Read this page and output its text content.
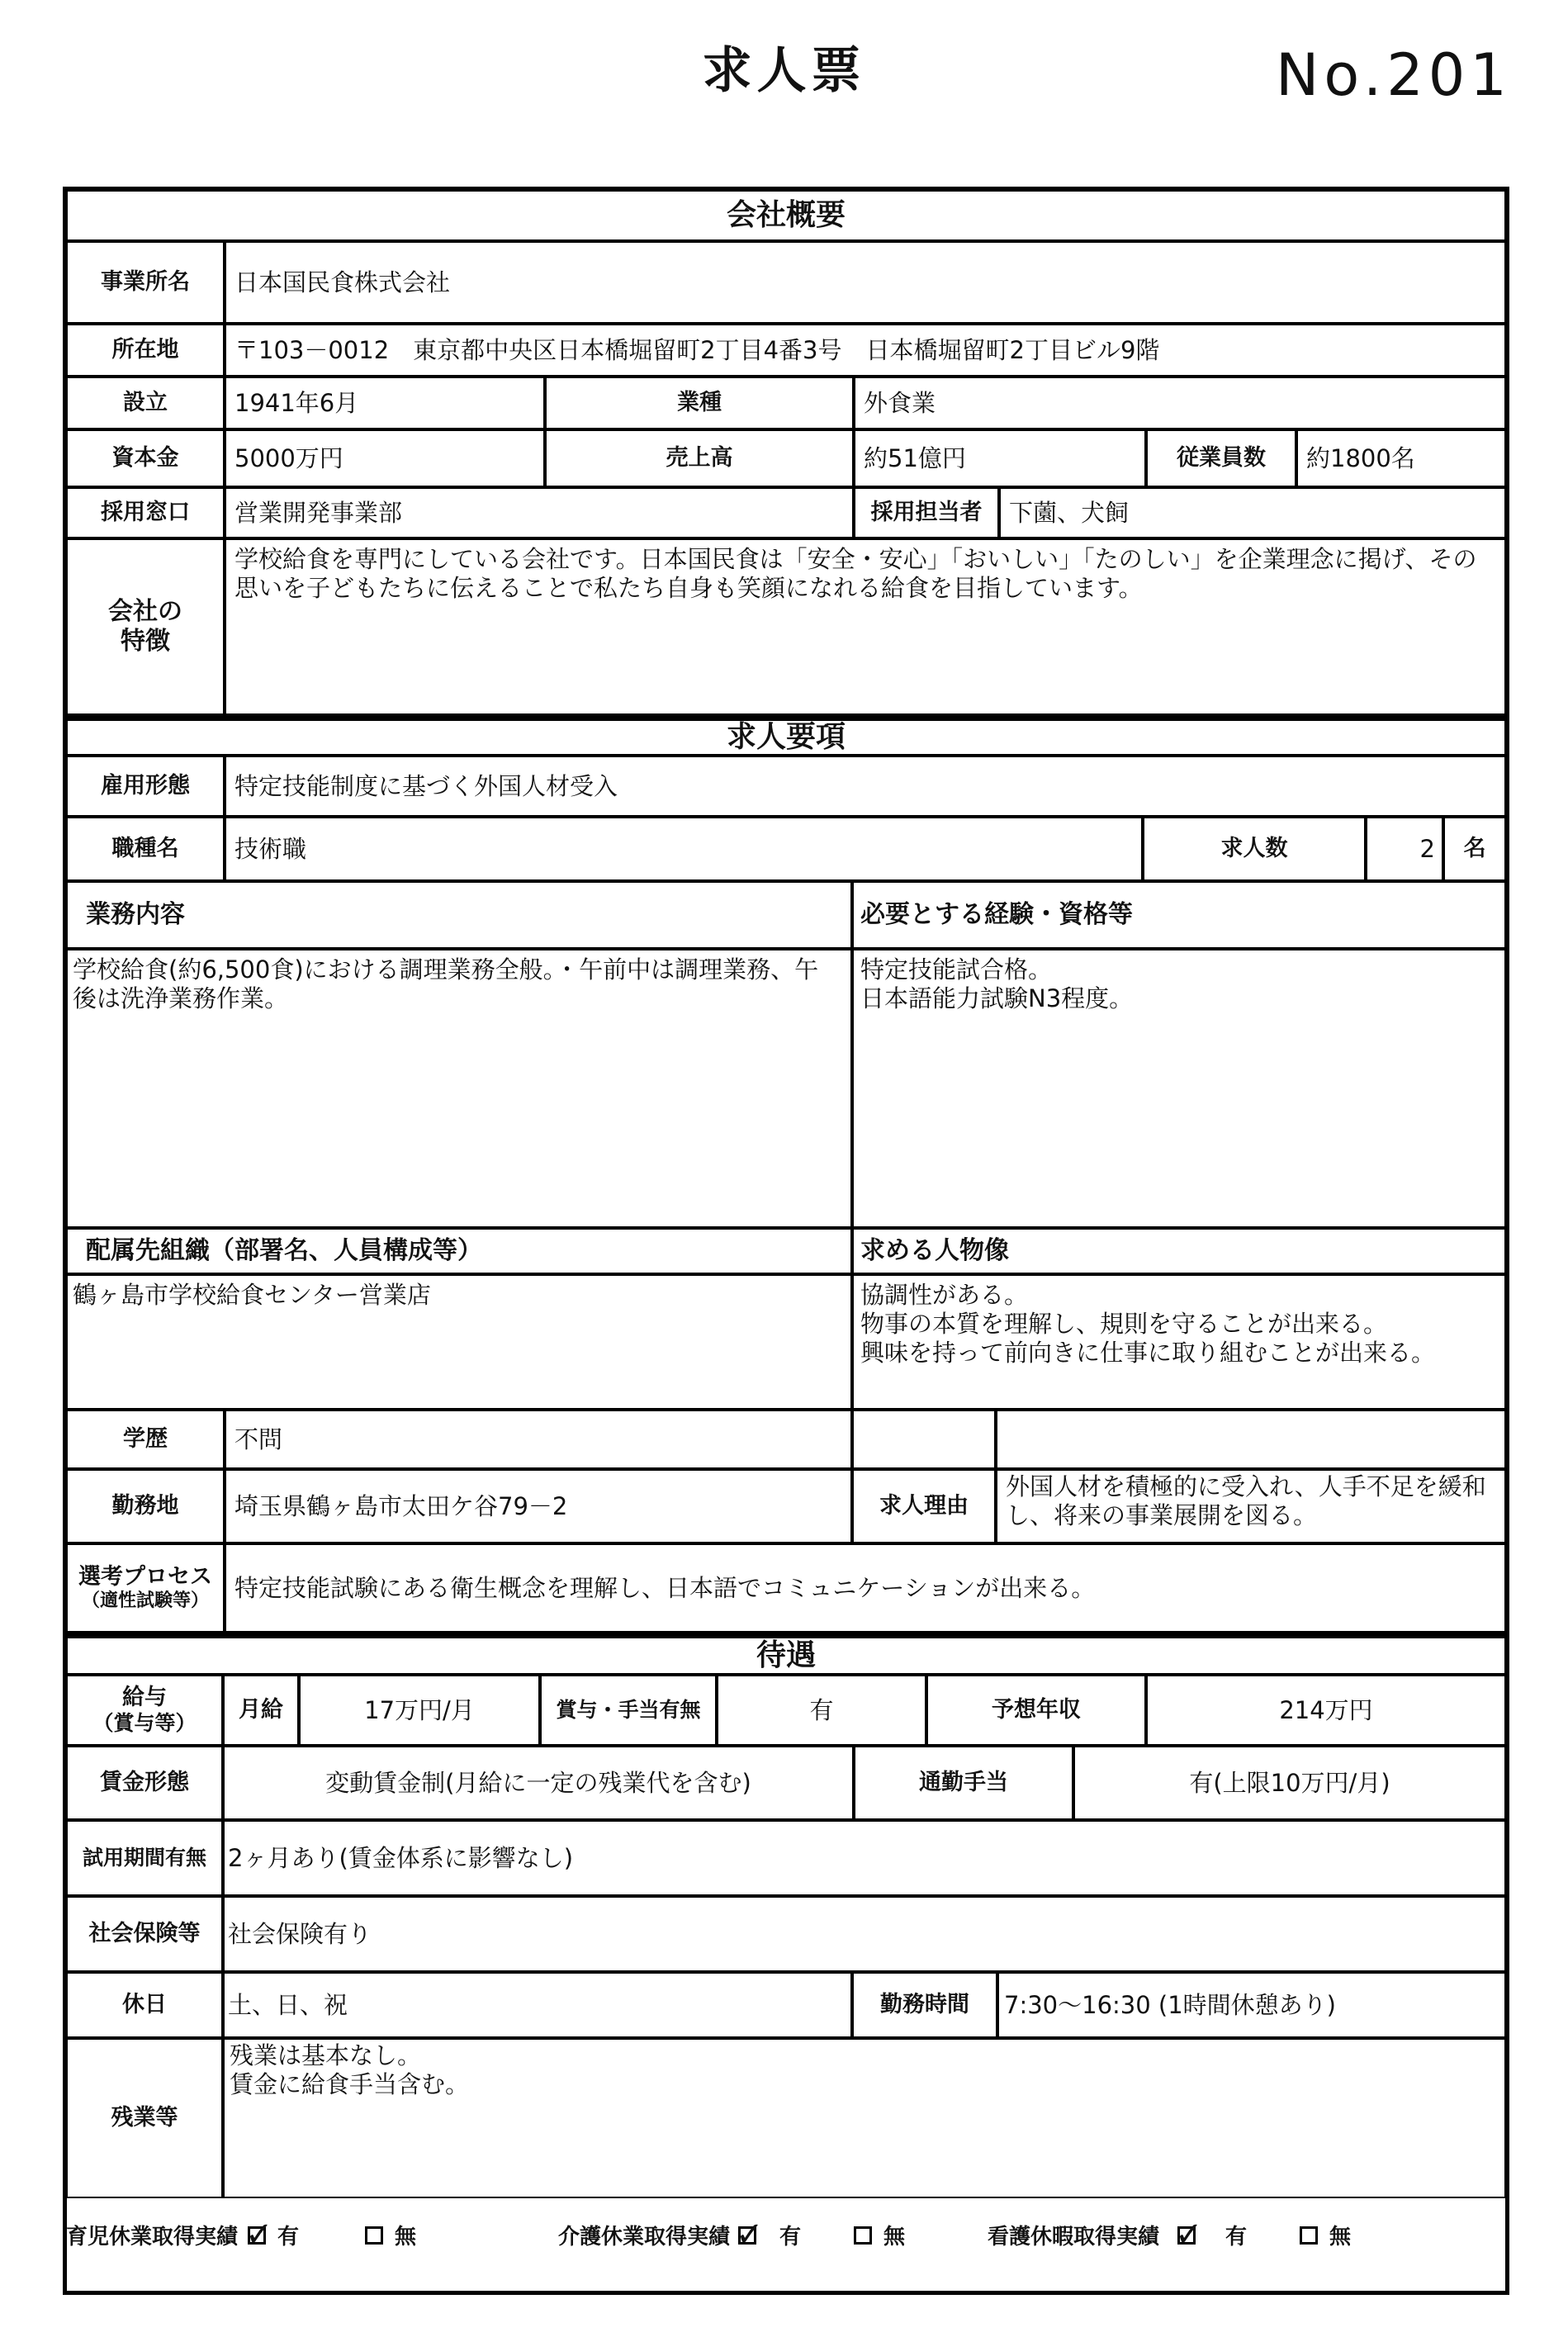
求人票	No.201
会社概要
事業所名	日本国民食株式会社
所在地	〒103－0012　東京都中央区日本橋堀留町2丁目4番3号　日本橋堀留町2丁目ビル9階
設立	1941年6月	業種	外食業
資本金	5000万円	売上高	約51億円	従業員数	約1800名
採用窓口	営業開発事業部	採用担当者	下薗、犬飼
会社の
特徴
学校給食を専門にしている会社です。日本国民食は「安全・安心」「おいしい」「たのしい」を企業理念に掲げ、その思いを子どもたちに伝えることで私たち自身も笑顔になれる給食を目指しています。
求人要項
雇用形態	特定技能制度に基づく外国人材受入
職種名	技術職	求人数	2	名
業務内容	必要とする経験・資格等
学校給食(約6,500食)における調理業務全般。・午前中は調理業務、午後は洗浄業務作業。
特定技能試合格。
日本語能力試験N3程度。
配属先組織（部署名、人員構成等）	求める人物像
鶴ヶ島市学校給食センター営業店	協調性がある。
物事の本質を理解し、規則を守ることが出来る。
興味を持って前向きに仕事に取り組むことが出来る。
学歴	不問
勤務地	埼玉県鶴ヶ島市太田ケ谷79－2	求人理由
外国人材を積極的に受入れ、人手不足を緩和し、将来の事業展開を図る。
選考プロセス
（適性試験等）	特定技能試験にある衛生概念を理解し、日本語でコミュニケーションが出来る。
待遇
給与
（賞与等）
月給	17万円/月	賞与・手当有無	有	予想年収	214万円
賃金形態	変動賃金制(月給に一定の残業代を含む)	通勤手当	有(上限10万円/月)
試用期間有無 2ヶ月あり(賃金体系に影響なし)
社会保険等	社会保険有り
休日	土、日、祝	勤務時間	7:30～16:30 (1時間休憩あり)
残業等
残業は基本なし。
賃金に給食手当含む。
育児休業取得実績 ✓ 有	無	介護休業取得実績 ✓ 有	無	看護休暇取得実績 ✓ 有	無
